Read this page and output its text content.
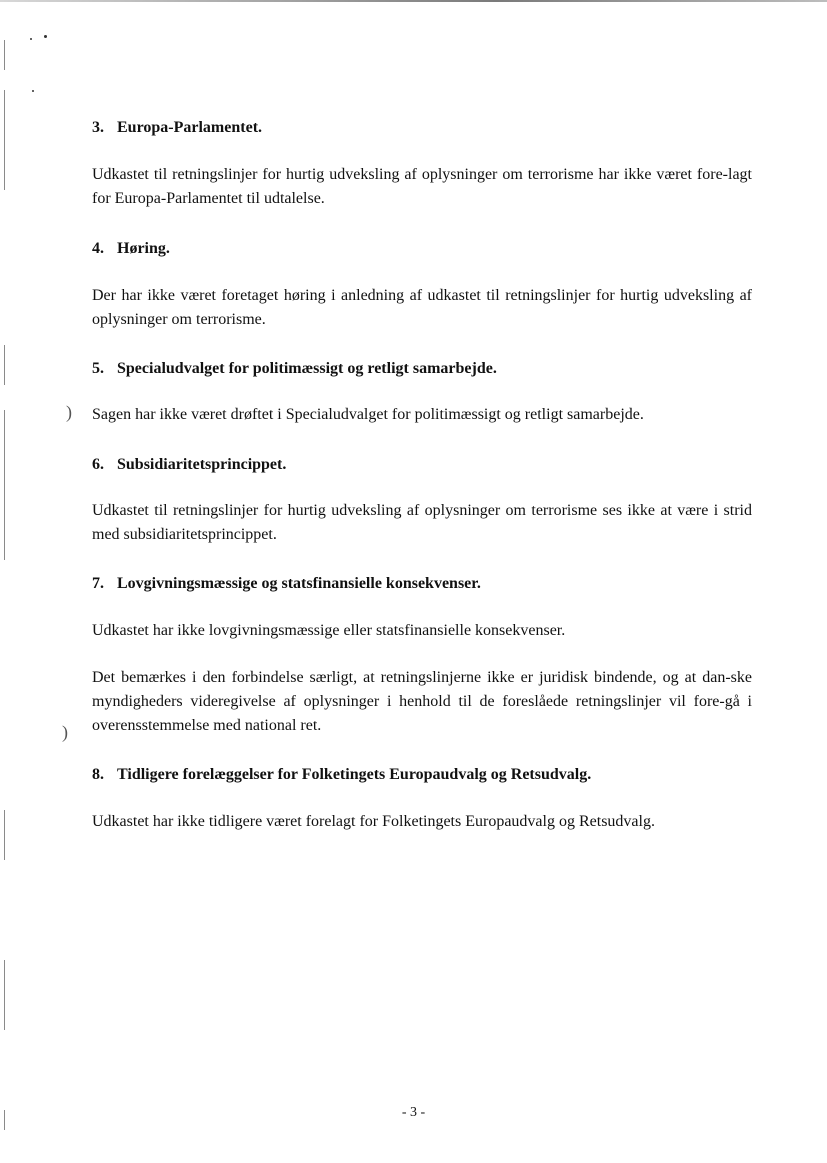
)
)
3. Europa-Parlamentet.
Udkastet til retningslinjer for hurtig udveksling af oplysninger om terrorisme har ikke været fore-lagt for Europa-Parlamentet til udtalelse.
4. Høring.
Der har ikke været foretaget høring i anledning af udkastet til retningslinjer for hurtig udveksling af oplysninger om terrorisme.
5. Specialudvalget for politimæssigt og retligt samarbejde.
Sagen har ikke været drøftet i Specialudvalget for politimæssigt og retligt samarbejde.
6. Subsidiaritetsprincippet.
Udkastet til retningslinjer for hurtig udveksling af oplysninger om terrorisme ses ikke at være i strid med subsidiaritetsprincippet.
7. Lovgivningsmæssige og statsfinansielle konsekvenser.
Udkastet har ikke lovgivningsmæssige eller statsfinansielle konsekvenser.
Det bemærkes i den forbindelse særligt, at retningslinjerne ikke er juridisk bindende, og at dan-ske myndigheders videregivelse af oplysninger i henhold til de foreslåede retningslinjer vil fore-gå i overensstemmelse med national ret.
8. Tidligere forelæggelser for Folketingets Europaudvalg og Retsudvalg.
Udkastet har ikke tidligere været forelagt for Folketingets Europaudvalg og Retsudvalg.
- 3 -
